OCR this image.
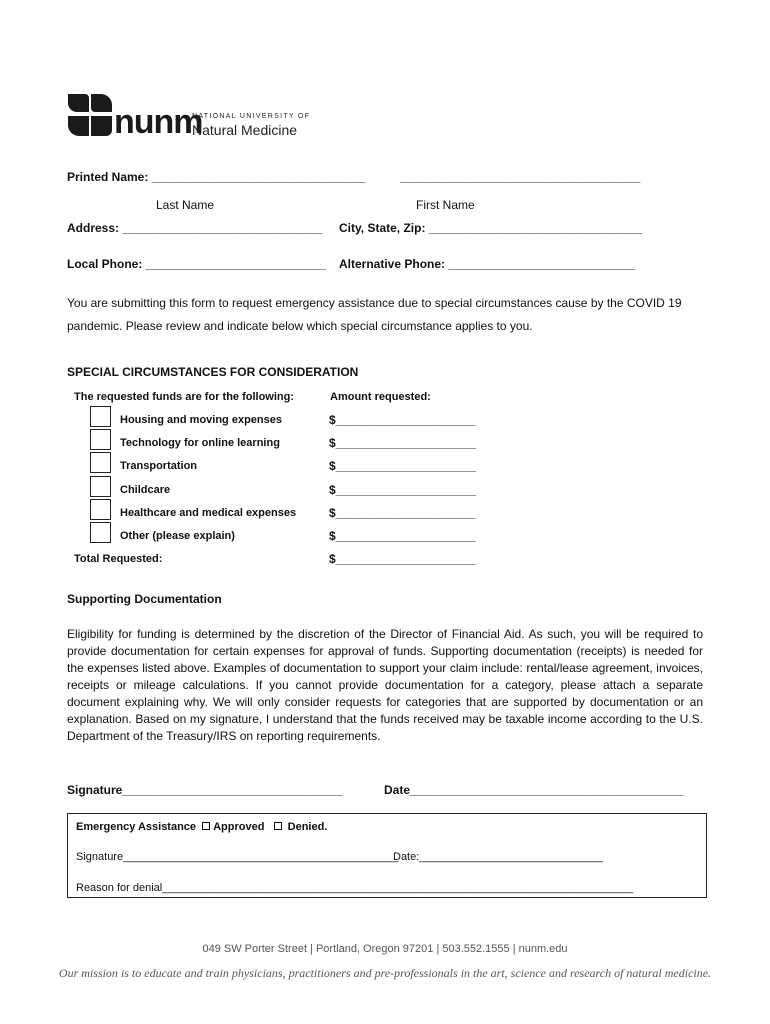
nunm
NATIONAL UNIVERSITY OF
Natural Medicine
Printed Name: ________________________________	____________________________________
Last Name	First Name
Address: ______________________________ City, State, Zip: ________________________________
Local Phone: ___________________________ Alternative Phone: ____________________________
You are submitting this form to request emergency assistance due to special circumstances cause by the COVID 19 pandemic. Please review and indicate below which special circumstance applies to you.
SPECIAL CIRCUMSTANCES FOR CONSIDERATION
The requested funds are for the following:	Amount requested:
Housing and moving expenses	$_____________________
Technology for online learning	$_____________________
Transportation	$_____________________
Childcare	$_____________________
Healthcare and medical expenses	$_____________________
Other (please explain)	$_____________________
Total Requested:	$_____________________
Supporting Documentation
Eligibility for funding is determined by the discretion of the Director of Financial Aid. As such, you will be required to provide documentation for certain expenses for approval of funds. Supporting documentation (receipts) is needed for the expenses listed above. Examples of documentation to support your claim include: rental/lease agreement, invoices, receipts or mileage calculations. If you cannot provide documentation for a category, please attach a separate document explaining why. We will only consider requests for categories that are supported by documentation or an explanation. Based on my signature, I understand that the funds received may be taxable income according to the U.S. Department of the Treasury/IRS on reporting requirements.
Signature_________________________________	Date_________________________________________
Emergency Assistance Approved Denied.
Signature_____________________________________________
Date:______________________________
Reason for denial_____________________________________________________________________________
049 SW Porter Street | Portland, Oregon 97201 | 503.552.1555 | nunm.edu
Our mission is to educate and train physicians, practitioners and pre-professionals in the art, science and research of natural medicine.
